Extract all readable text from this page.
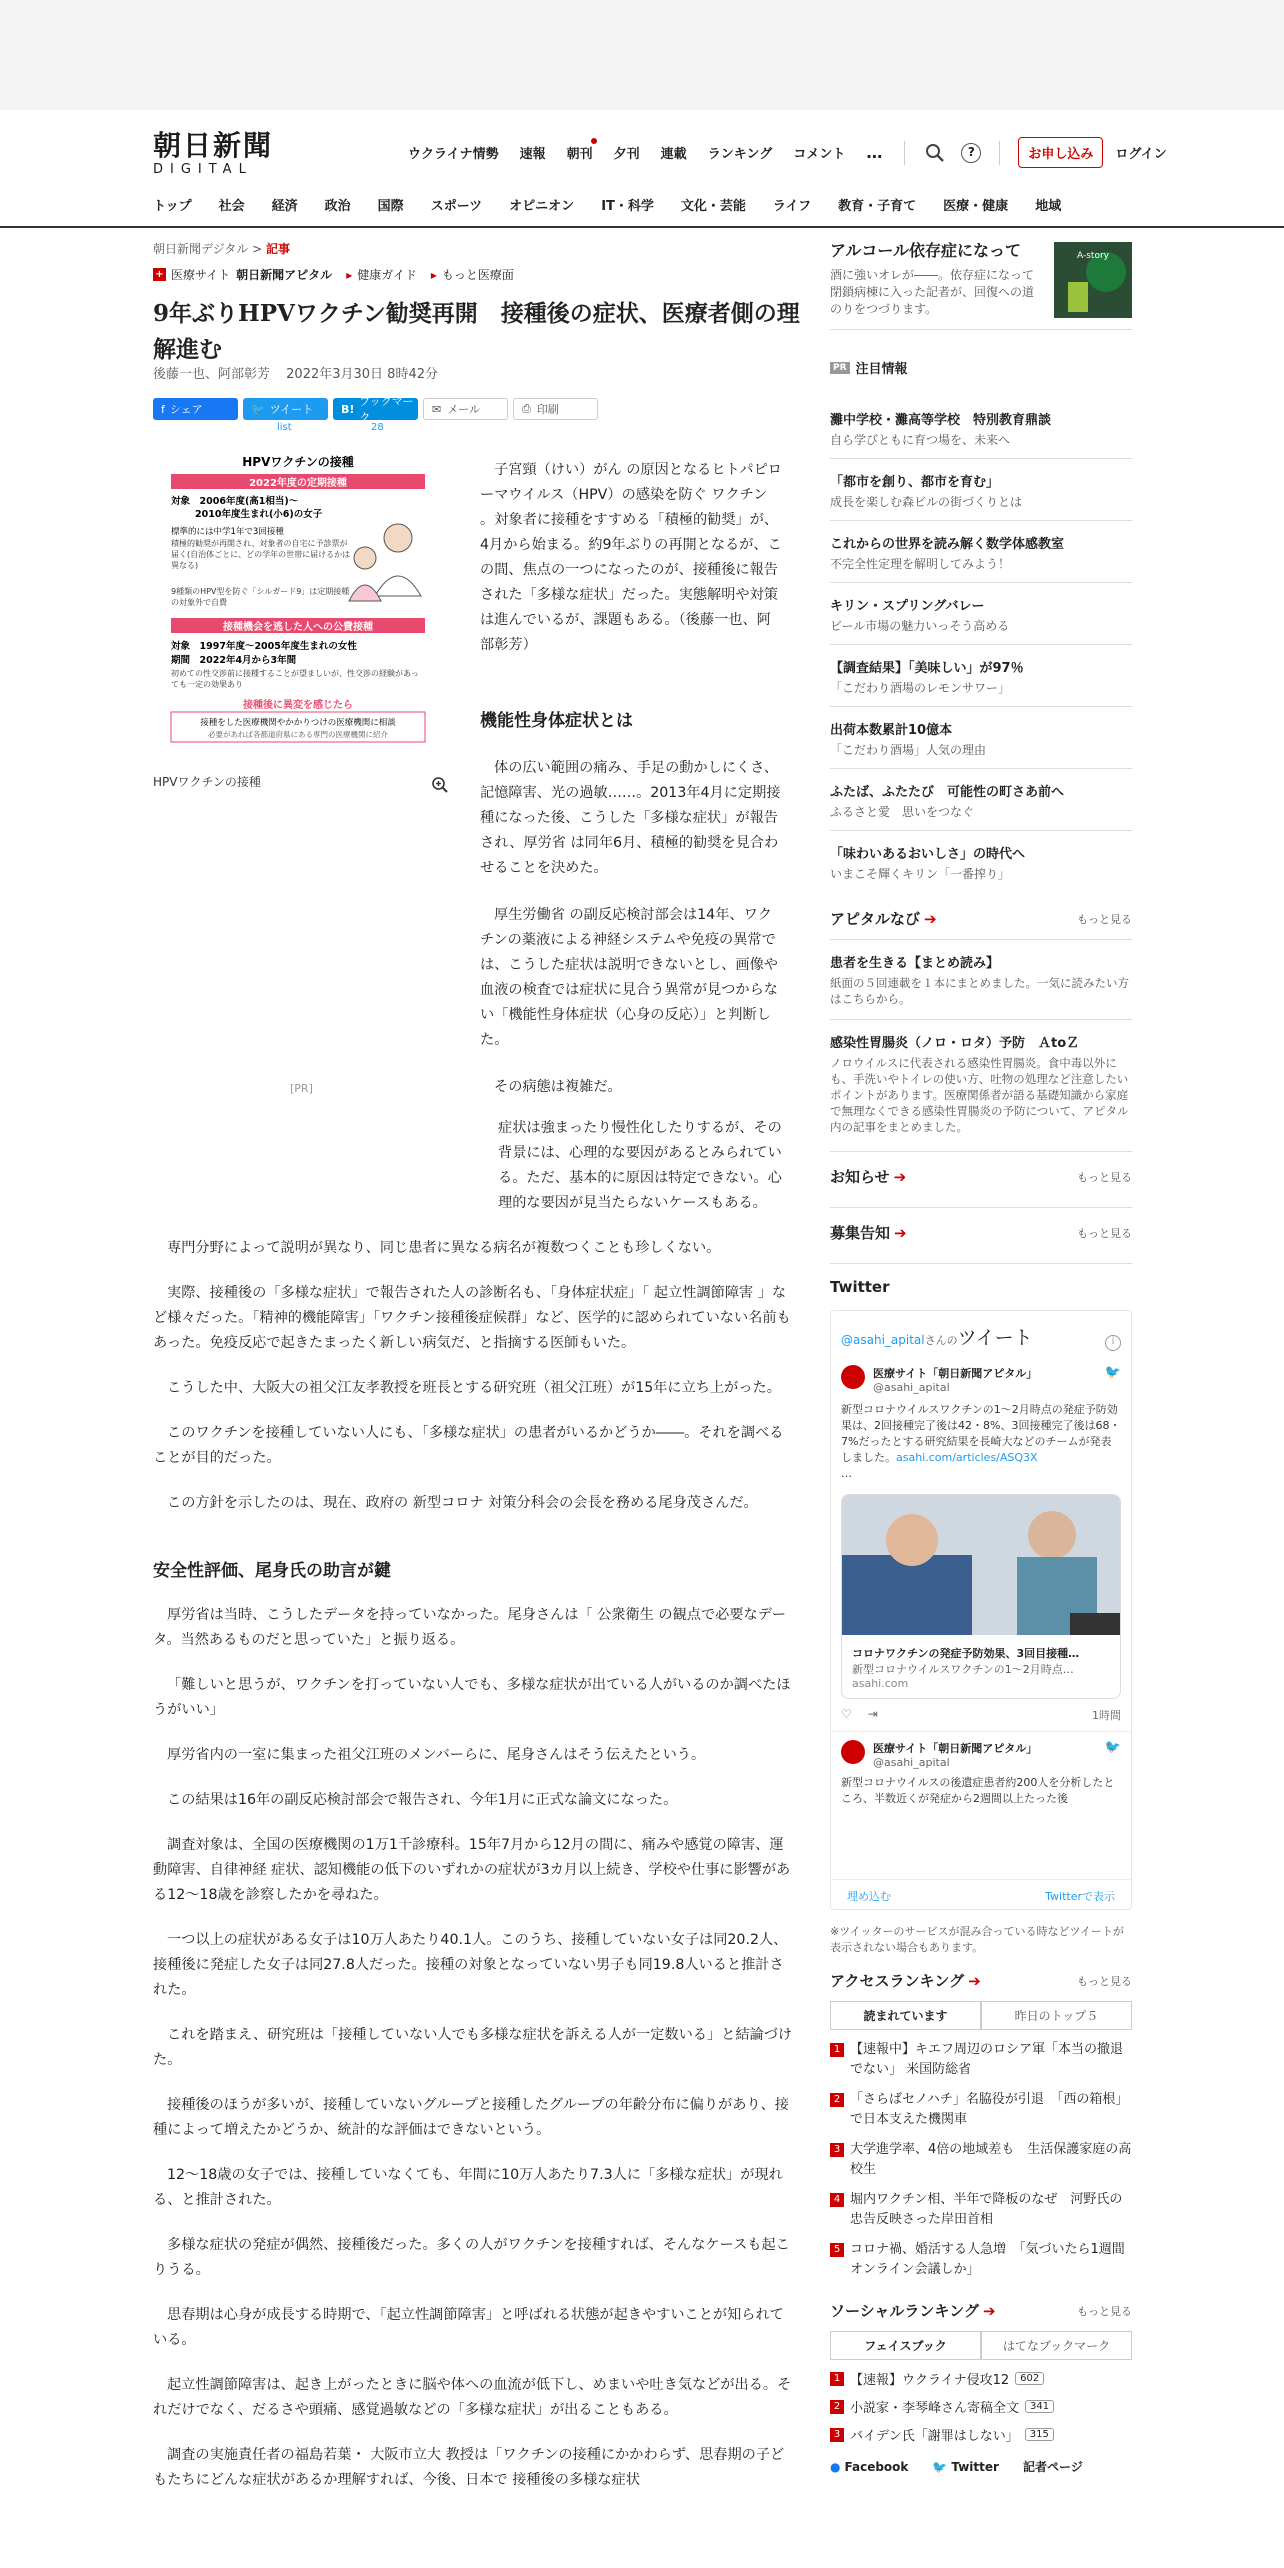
朝日新聞
DIGITAL
ウクライナ情勢 速報 朝刊 夕刊 連載 ランキング コメント …	?	お申し込み	ログイン
トップ 社会 経済 政治 国際 スポーツ オピニオン IT・科学 文化・芸能 ライフ 教育・子育て 医療・健康 地域
朝日新聞デジタル > 記事
+ 医療サイト 朝日新聞アピタル ▸ 健康ガイド ▸ もっと医療面
9年ぶりHPVワクチン勧奨再開　接種後の症状、医療者側の理解進む
後藤一也、阿部彰芳 2022年3月30日 8時42分
f シェア	🐦 ツイート
list
B!
ブックマーク
28
✉ メール	⎙ 印刷
HPVワクチンの接種
2022年度の定期接種
対象　2006年度(高1相当)～
2010年度生まれ(小6)の女子
標準的には中学1年で3回接種
積極的勧奨が再開され、対象者の自宅に予診票が届く(自治体ごとに、どの学年の世帯に届けるかは異なる)
9種類のHPV型を防ぐ「シルガード9」は定期接種の対象外で自費
接種機会を逃した人への公費接種
対象　1997年度～2005年度生まれの女性
期間　2022年4月から3年間
初めての性交渉前に接種することが望ましいが、性交渉の経験があっても一定の効果あり
接種後に異変を感じたら
接種をした医療機関やかかりつけの医療機関に相談
必要があれば各都道府県にある専門の医療機関に紹介
HPVワクチンの接種
[PR]
子宮頸（けい）がん の原因となるヒトパピローマウイルス（HPV）の感染を防ぐ ワクチン 。対象者に接種をすすめる「積極的勧奨」が、4月から始まる。約9年ぶりの再開となるが、この間、焦点の一つになったのが、接種後に報告された「多様な症状」だった。実態解明や対策は進んでいるが、課題もある。（後藤一也、阿部彰芳）
機能性身体症状とは

体の広い範囲の痛み、手足の動かしにくさ、記憶障害、光の過敏……。2013年4月に定期接種になった後、こうした「多様な症状」が報告され、厚労省 は同年6月、積極的勧奨を見合わせることを決めた。

厚生労働省 の副反応検討部会は14年、ワクチンの薬液による神経システムや免疫の異常では、こうした症状は説明できないとし、画像や血液の検査では症状に見合う異常が見つからない「機能性身体症状（心身の反応）」と判断した。

その病態は複雑だ。

症状は強まったり慢性化したりするが、その背景には、心理的な要因があるとみられている。ただ、基本的に原因は特定できない。心理的な要因が見当たらないケースもある。

専門分野によって説明が異なり、同じ患者に異なる病名が複数つくことも珍しくない。

実際、接種後の「多様な症状」で報告された人の診断名も、「身体症状症」「 起立性調節障害 」など様々だった。「精神的機能障害」「ワクチン接種後症候群」など、医学的に認められていない名前もあった。免疫反応で起きたまったく新しい病気だ、と指摘する医師もいた。

こうした中、大阪大の祖父江友孝教授を班長とする研究班（祖父江班）が15年に立ち上がった。

このワクチンを接種していない人にも、「多様な症状」の患者がいるかどうか――。それを調べることが目的だった。

この方針を示したのは、現在、政府の 新型コロナ 対策分科会の会長を務める尾身茂さんだ。

安全性評価、尾身氏の助言が鍵

厚労省は当時、こうしたデータを持っていなかった。尾身さんは「 公衆衛生 の観点で必要なデータ。当然あるものだと思っていた」と振り返る。

「難しいと思うが、ワクチンを打っていない人でも、多様な症状が出ている人がいるのか調べたほうがいい」

厚労省内の一室に集まった祖父江班のメンバーらに、尾身さんはそう伝えたという。

この結果は16年の副反応検討部会で報告され、今年1月に正式な論文になった。

調査対象は、全国の医療機関の1万1千診療科。15年7月から12月の間に、痛みや感覚の障害、運動障害、自律神経 症状、認知機能の低下のいずれかの症状が3カ月以上続き、学校や仕事に影響がある12～18歳を診察したかを尋ねた。

一つ以上の症状がある女子は10万人あたり40.1人。このうち、接種していない女子は同20.2人、接種後に発症した女子は同27.8人だった。接種の対象となっていない男子も同19.8人いると推計された。

これを踏まえ、研究班は「接種していない人でも多様な症状を訴える人が一定数いる」と結論づけた。

接種後のほうが多いが、接種していないグループと接種したグループの年齢分布に偏りがあり、接種によって増えたかどうか、統計的な評価はできないという。

12～18歳の女子では、接種していなくても、年間に10万人あたり7.3人に「多様な症状」が現れる、と推計された。

多様な症状の発症が偶然、接種後だった。多くの人がワクチンを接種すれば、そんなケースも起こりうる。

思春期は心身が成長する時期で、「起立性調節障害」と呼ばれる状態が起きやすいことが知られている。

起立性調節障害は、起き上がったときに脳や体への血流が低下し、めまいや吐き気などが出る。それだけでなく、だるさや頭痛、感覚過敏などの「多様な症状」が出ることもある。

調査の実施責任者の福島若葉・ 大阪市立大 教授は「ワクチンの接種にかかわらず、思春期の子どもたちにどんな症状があるか理解すれば、今後、日本で 接種後の多様な症状

アルコール依存症になって
酒に強いオレが――。依存症になって閉鎖病棟に入った記者が、回復への道のりをつづります。
A-story
PR 注目情報
灘中学校・灘高等学校　特別教育鼎談
自ら学びともに育つ場を、未来へ
「都市を創り、都市を育む」
成長を楽しむ森ビルの街づくりとは
これからの世界を読み解く数学体感教室
不完全性定理を解明してみよう！
キリン・スプリングバレー
ビール市場の魅力いっそう高める
【調査結果】「美味しい」が97％
「こだわり酒場のレモンサワー」
出荷本数累計10億本
「こだわり酒場」人気の理由
ふたば、ふたたび　可能性の町さあ前へ
ふるさと愛　思いをつなぐ
「味わいあるおいしさ」の時代へ
いまこそ輝くキリン「一番搾り」
アピタルなび ➔	もっと見る
患者を生きる【まとめ読み】
紙面の５回連載を１本にまとめました。一気に読みたい方はこちらから。
感染性胃腸炎（ノロ・ロタ）予防　ＡtoＺ
ノロウイルスに代表される感染性胃腸炎。食中毒以外にも、手洗いやトイレの使い方、吐物の処理など注意したいポイントがあります。医療関係者が語る基礎知識から家庭で無理なくできる感染性胃腸炎の予防について、アピタル内の記事をまとめました。
お知らせ ➔	もっと見る
募集告知 ➔	もっと見る
Twitter
@asahi_apital さんの ツイート	i
医療サイト「朝日新聞アピタル」
@asahi_apital
🐦
新型コロナウイルスワクチンの1～2月時点の発症予防効果は、2回接種完了後は42・8%、3回接種完了後は68・7%だったとする研究結果を長崎大などのチームが発表しました。asahi.com/articles/ASQ3X
…
コロナワクチンの発症予防効果、3回目接種…
新型コロナウイルスワクチンの1～2月時点…
asahi.com
♡ ⇥	1時間
医療サイト「朝日新聞アピタル」
@asahi_apital
🐦
新型コロナウイルスの後遺症患者約200人を分析したところ、半数近くが発症から2週間以上たった後
埋め込む	Twitterで表示
※ツイッターのサービスが混み合っている時などツイートが表示されない場合もあります。
アクセスランキング ➔	もっと見る
読まれています	昨日のトップ５
1 【速報中】キエフ周辺のロシア軍「本当の撤退でない」 米国防総省
2 「さらばセノハチ」名脇役が引退　「西の箱根」で日本支えた機関車
3 大学進学率、4倍の地域差も　生活保護家庭の高校生
4 堀内ワクチン相、半年で降板のなぜ　河野氏の忠告反映さった岸田首相
5 コロナ禍、婚活する人急増　「気づいたら1週間オンライン会議しか」
ソーシャルランキング ➔	もっと見る
フェイスブック	はてなブックマーク
1 【速報】ウクライナ侵攻12	602
2 小説家・李琴峰さん寄稿全文	341
3 バイデン氏「謝罪はしない」	315
● Facebook 🐦 Twitter 記者ページ
